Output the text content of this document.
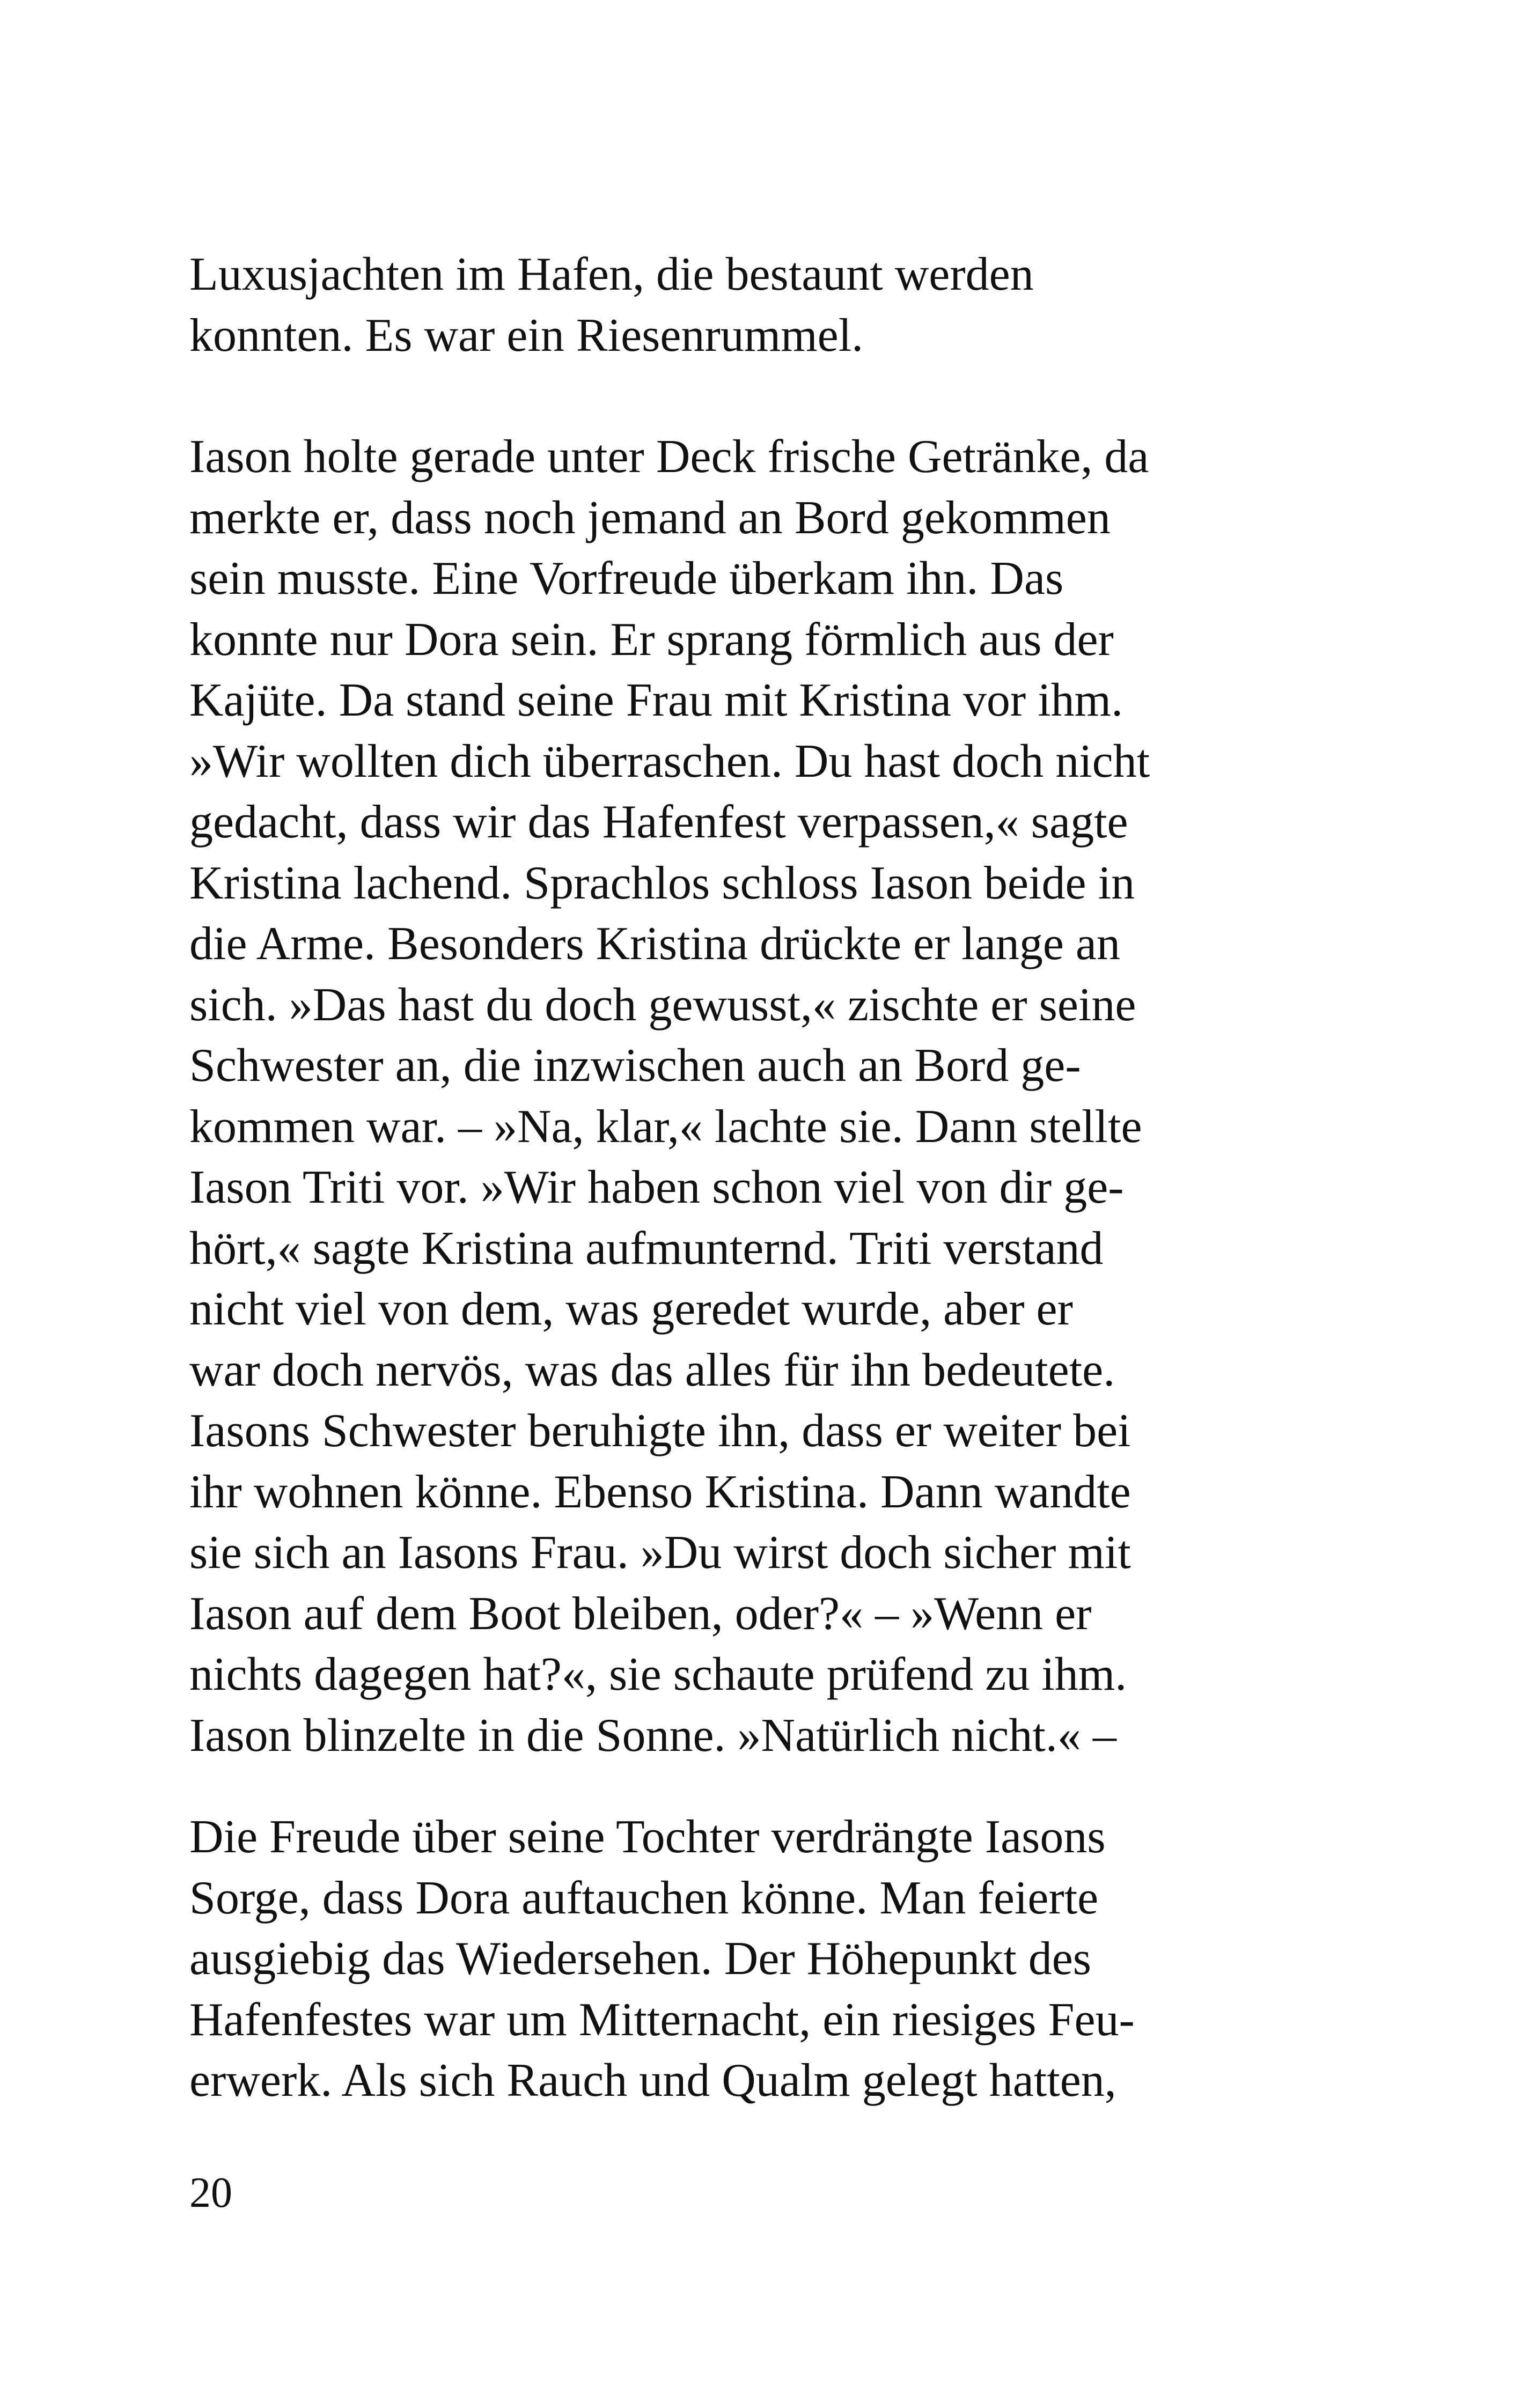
Luxusjachten im Hafen, die bestaunt werden
konnten. Es war ein Riesenrummel.
Iason holte gerade unter Deck frische Getränke, da
merkte er, dass noch jemand an Bord gekommen
sein musste. Eine Vorfreude überkam ihn. Das
konnte nur Dora sein. Er sprang förmlich aus der
Kajüte. Da stand seine Frau mit Kristina vor ihm.
»Wir wollten dich überraschen. Du hast doch nicht
gedacht, dass wir das Hafenfest verpassen,« sagte
Kristina lachend. Sprachlos schloss Iason beide in
die Arme. Besonders Kristina drückte er lange an
sich. »Das hast du doch gewusst,« zischte er seine
Schwester an, die inzwischen auch an Bord ge-
kommen war. – »Na, klar,« lachte sie. Dann stellte
Iason Triti vor. »Wir haben schon viel von dir ge-
hört,« sagte Kristina aufmunternd. Triti verstand
nicht viel von dem, was geredet wurde, aber er
war doch nervös, was das alles für ihn bedeutete.
Iasons Schwester beruhigte ihn, dass er weiter bei
ihr wohnen könne. Ebenso Kristina. Dann wandte
sie sich an Iasons Frau. »Du wirst doch sicher mit
Iason auf dem Boot bleiben, oder?« – »Wenn er
nichts dagegen hat?«, sie schaute prüfend zu ihm.
Iason blinzelte in die Sonne. »Natürlich nicht.« –
Die Freude über seine Tochter verdrängte Iasons
Sorge, dass Dora auftauchen könne. Man feierte
ausgiebig das Wiedersehen. Der Höhepunkt des
Hafenfestes war um Mitternacht, ein riesiges Feu-
erwerk. Als sich Rauch und Qualm gelegt hatten,
20
